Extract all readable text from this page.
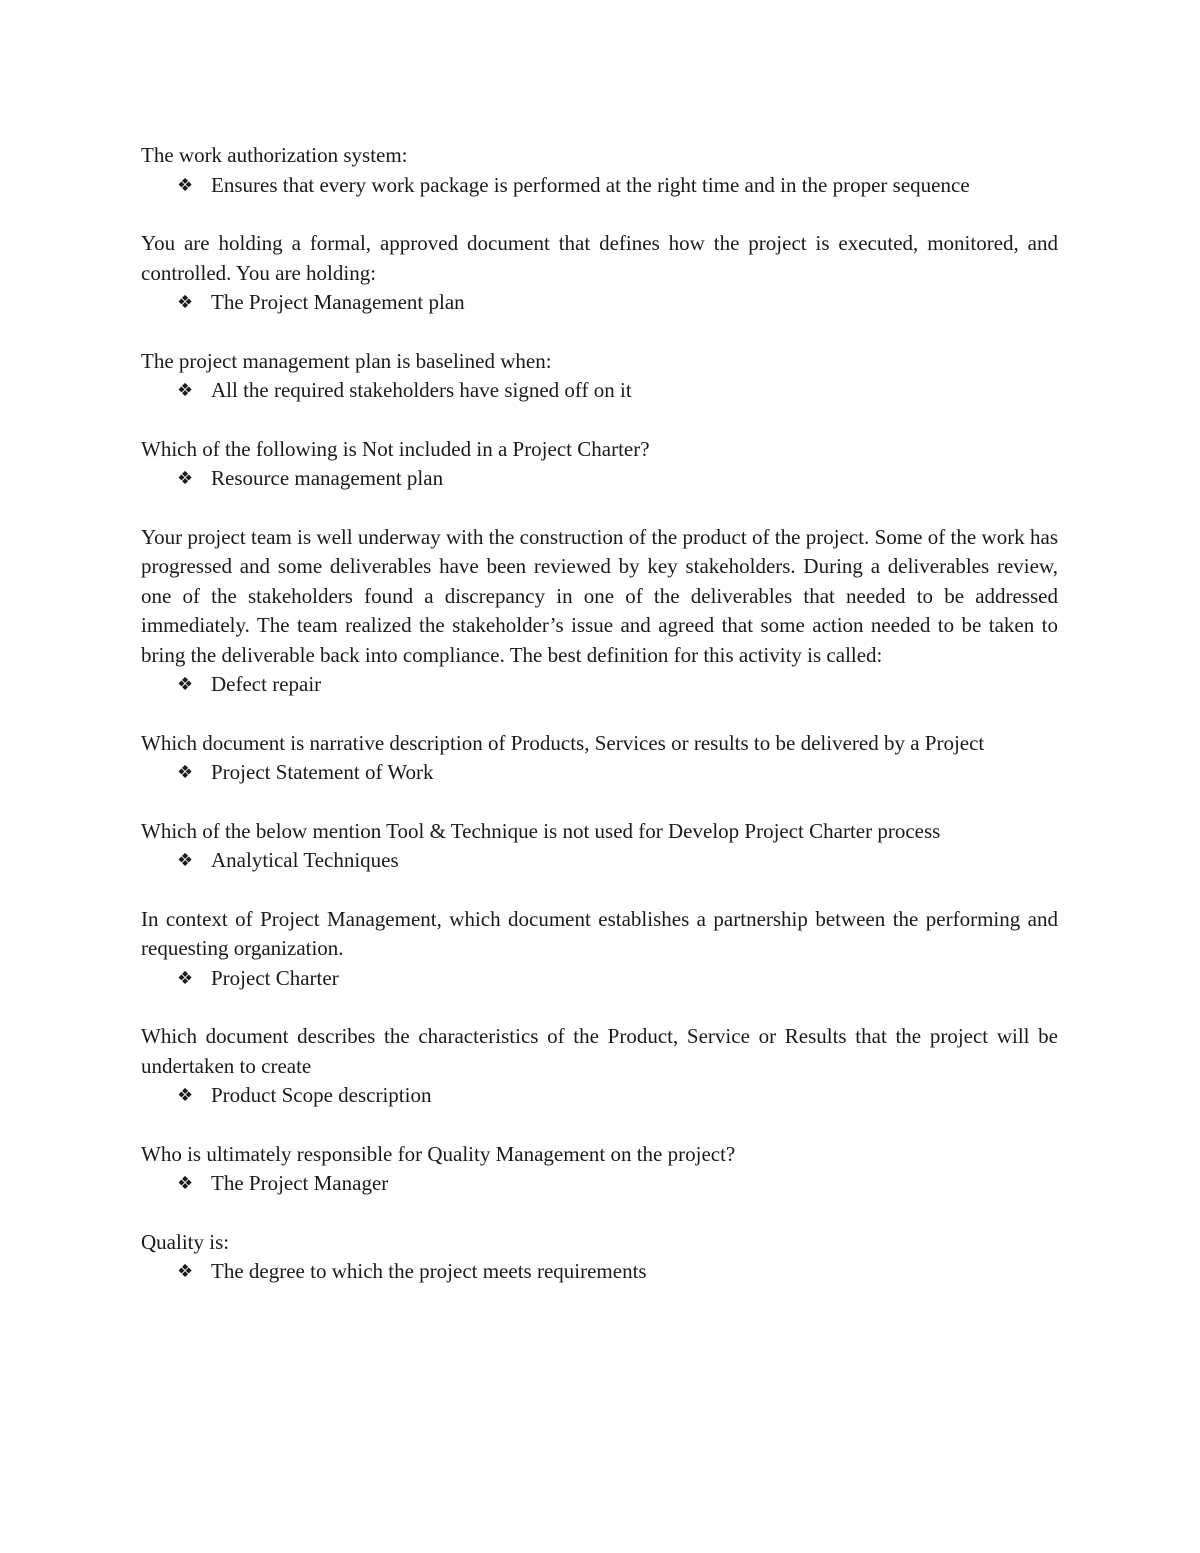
The work authorization system:

❖ Ensures that every work package is performed at the right time and in the proper sequence

You are holding a formal, approved document that defines how the project is executed, monitored, and controlled. You are holding:

❖ The Project Management plan

The project management plan is baselined when:

❖ All the required stakeholders have signed off on it

Which of the following is Not included in a Project Charter?

❖ Resource management plan

Your project team is well underway with the construction of the product of the project. Some of the work has progressed and some deliverables have been reviewed by key stakeholders. During a deliverables review, one of the stakeholders found a discrepancy in one of the deliverables that needed to be addressed immediately. The team realized the stakeholder’s issue and agreed that some action needed to be taken to bring the deliverable back into compliance. The best definition for this activity is called:

❖ Defect repair

Which document is narrative description of Products, Services or results to be delivered by a Project

❖ Project Statement of Work

Which of the below mention Tool & Technique is not used for Develop Project Charter process

❖ Analytical Techniques

In context of Project Management, which document establishes a partnership between the performing and requesting organization.

❖ Project Charter

Which document describes the characteristics of the Product, Service or Results that the project will be undertaken to create

❖ Product Scope description

Who is ultimately responsible for Quality Management on the project?

❖ The Project Manager

Quality is:

❖ The degree to which the project meets requirements
